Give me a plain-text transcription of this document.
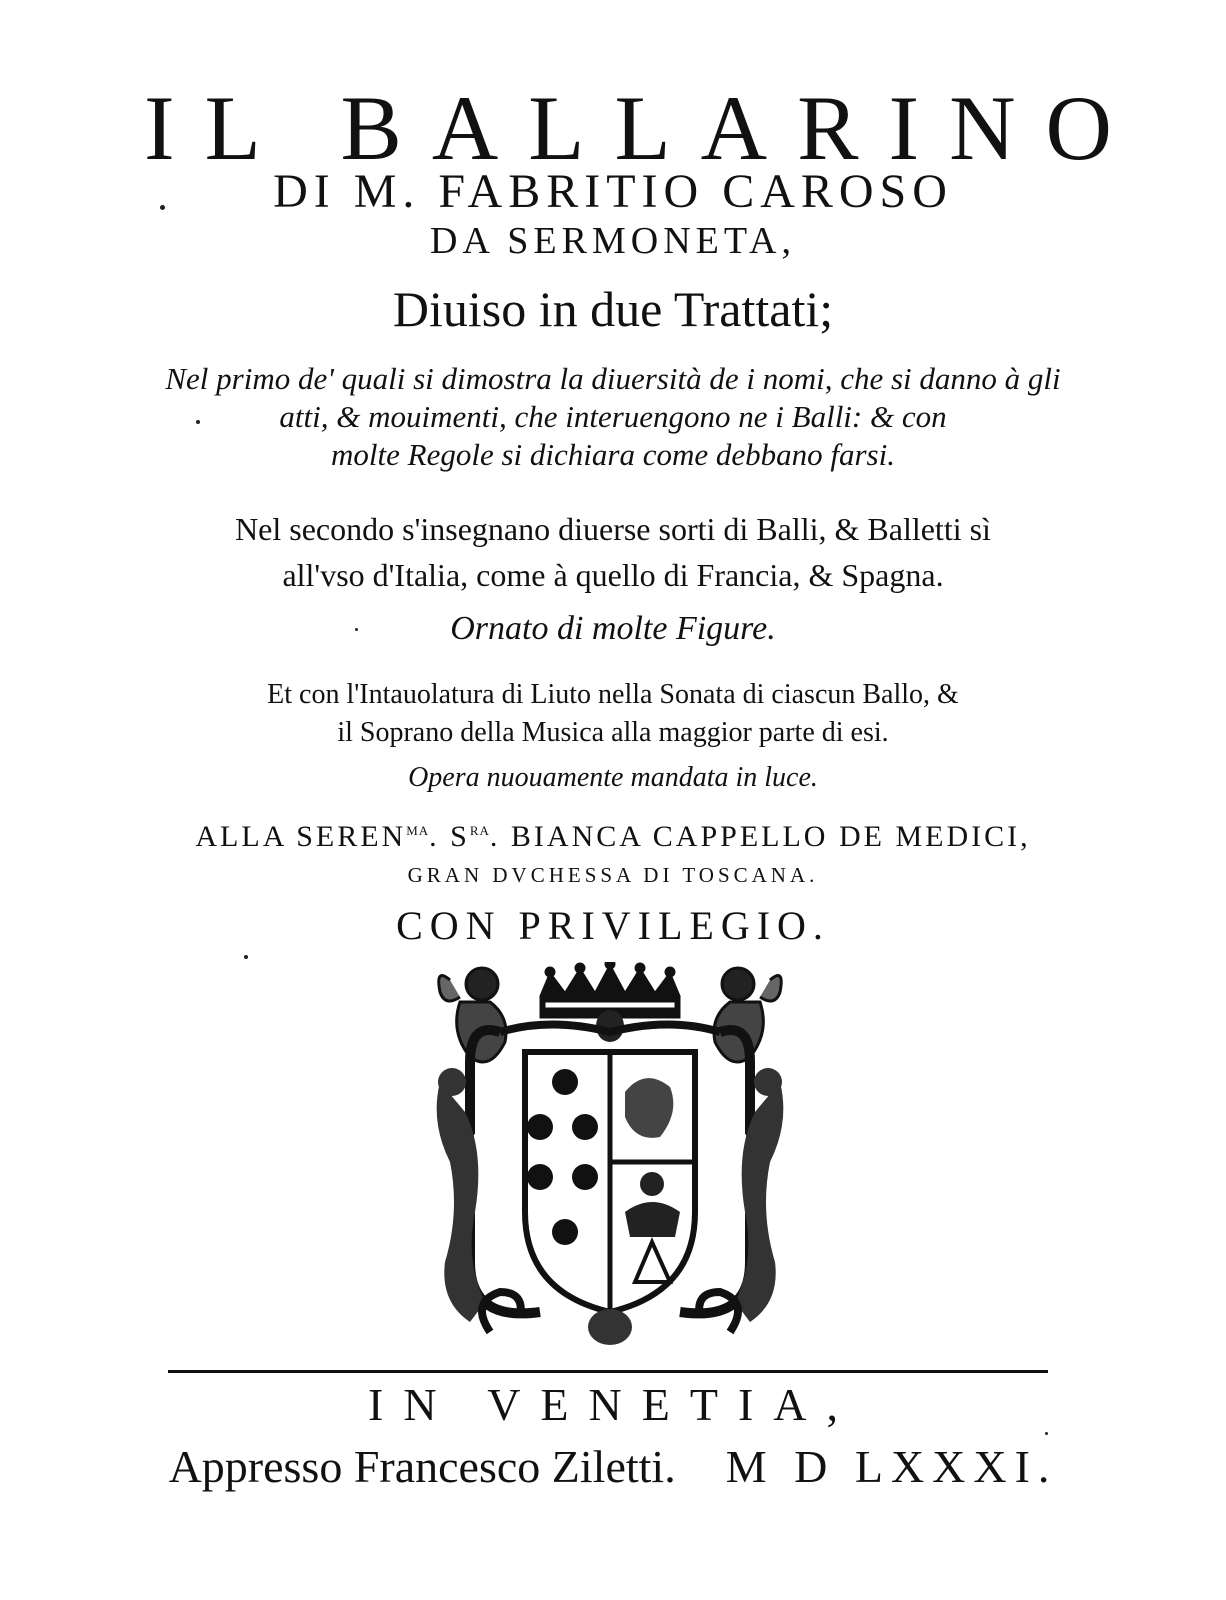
IL BALLARINO
DI M. FABRITIO CAROSO
DA SERMONETA,
Diuiso in due Trattati;
Nel primo de' quali si dimostra la diuersità de i nomi, che si danno à gli
atti, & mouimenti, che interuengono ne i Balli: & con
molte Regole si dichiara come debbano farsi.
Nel secondo s'insegnano diuerse sorti di Balli, & Balletti sì
all'vso d'Italia, come à quello di Francia, & Spagna.
Ornato di molte Figure.
Et con l'Intauolatura di Liuto nella Sonata di ciascun Ballo, &
il Soprano della Musica alla maggior parte di esi.
Opera nuouamente mandata in luce.
ALLA $SEREN^{MA}$. $S^{RA}$. BIANCA CAPPELLO DE MEDICI,
GRAN DVCHESSA DI TOSCANA.
CON PRIVILEGIO.
IN VENETIA,
Appresso Francesco Ziletti. M D LXXXI.
